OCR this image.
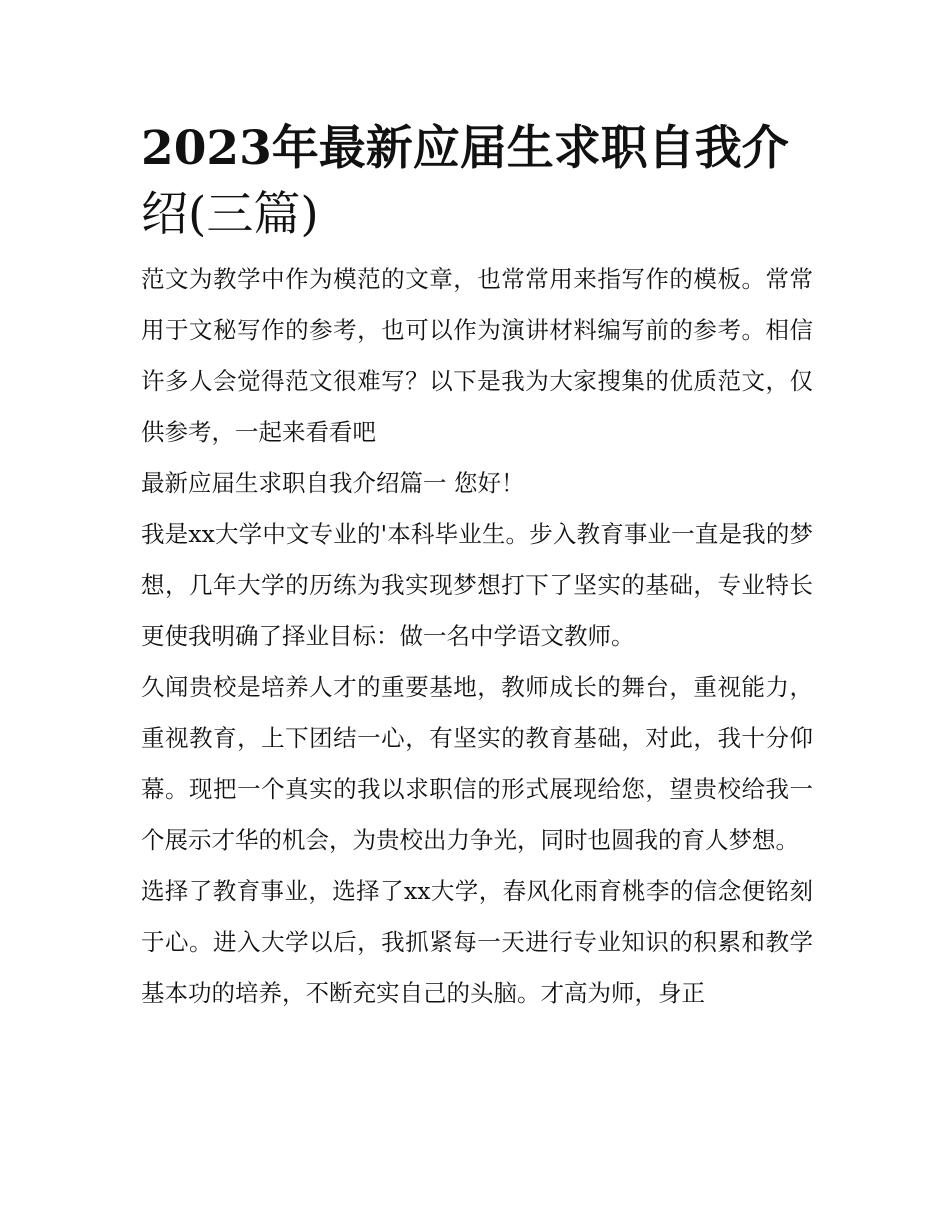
2023年最新应届生求职自我介
绍(三篇)

范文为教学中作为模范的文章，也常常用来指写作的模板。常常用于文秘写作的参考，也可以作为演讲材料编写前的参考。相信许多人会觉得范文很难写？以下是我为大家搜集的优质范文，仅供参考，一起来看看吧

最新应届生求职自我介绍篇一 您好！

我是xx大学中文专业的'本科毕业生。步入教育事业一直是我的梦想，几年大学的历练为我实现梦想打下了坚实的基础，专业特长更使我明确了择业目标：做一名中学语文教师。

久闻贵校是培养人才的重要基地，教师成长的舞台，重视能力，重视教育，上下团结一心，有坚实的教育基础，对此，我十分仰幕。现把一个真实的我以求职信的形式展现给您，望贵校给我一个展示才华的机会，为贵校出力争光，同时也圆我的育人梦想。

选择了教育事业，选择了xx大学，春风化雨育桃李的信念便铭刻于心。进入大学以后，我抓紧每一天进行专业知识的积累和教学基本功的培养，不断充实自己的头脑。才高为师，身正
